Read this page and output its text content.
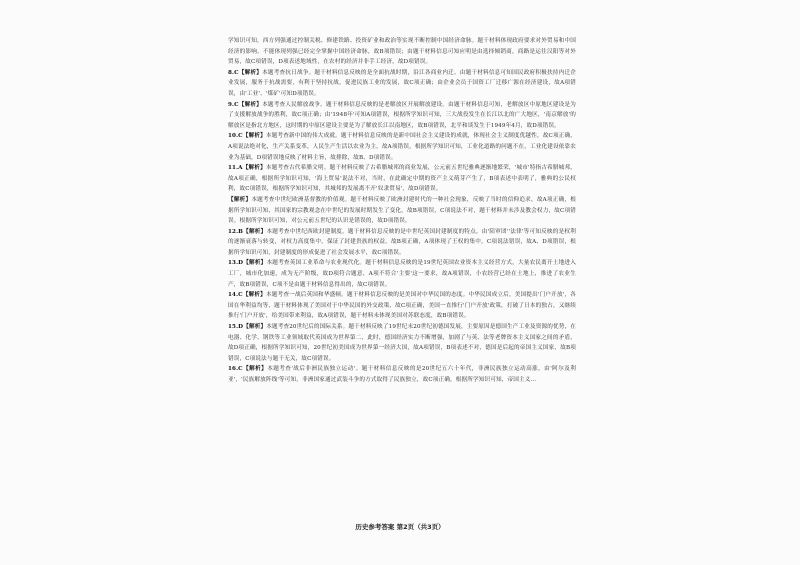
学知识可知，西方列强通过控制关税、修建铁路、投资矿业和政治等实现不断控制中国经济命脉。题干材料体现政府要求对外贸易和中国经济的影响，不能体现列强已经完全掌握中国经济命脉，故B项错误；由题干材料信息可知应明是由选择倾销商，商路是运往汉阳等对外贸易，故C项错误，D项表述地域性，在农村的经济并非手工经济，故D项错误。

8.C【解析】本题考查抗日战争。题干材料信息反映的是全面抗战时期，沿江各商业内迁。由题干材料信息可知国民政府积极扶持内迁企业发展，服务于抗战需要，有利于坚持抗战，促进民族工业的发展，故C项正确；由企业会员于国资工厂迁移广源在经济建设，故A项错误，由'工业'、'煤矿'可知D项错误。

9.C【解析】本题考查人民解放战争。题干材料信息反映的是老解放区开展解放建设。由题干材料信息可知，老解放区中原地区建设是为了支援解放战争的胜利，故C项正确；由'1948年'可知A项错误，根据所学知识可知，三大战役发生在长江以北的广大地区，'南京解放'的解放区是指北方地区，这时期的中原区建设主要是为了解放长江以南地区，故B项错误，北平和谈发生于1949年4月，故D项错误。

10.C【解析】本题考查新中国的伟大成就。题干材料信息反映的是新中国社会主义建设的成就，体现社会主义制度优越性，故C项正确，A项说法绝对化，生产关系变革，人民生产生活以农业为主，故A项错误，根据所学知识可知，工业化道路的问题不在，工业化建设依靠农业为基础，D项错误地反映了材料主旨，故排除，故B、D项错误。

11.A【解析】本题考查古代希腊文明。题干材料反映了古希腊城邦的商业发展，公元前五世纪雅典逐渐地繁荣，'城市'特指古希腊城邦，故A项正确，根据所学知识可知，'海上贸易'说法不对，当时，在此确定中期的资产主义萌芽产生了，B项表述中表明了，雅典的公民权利，故C项错误，根据所学知识可知，其城邦的发展离不开'奴隶贸易'，故D项错误。

【解析】本题考查中世纪欧洲基督教的价值观。题干材料反映了欧洲封建时代的一种社会现象，反映了当时的信仰追求，故A项正确，根据所学知识可知，其国家的宗教观念在中世纪的发展时期发生了变化，故B项错误，C项说法不对，题干材料并未涉及教会权力，故C项错误。根据所学知识可知，对公元前五世纪的认识是错误的，故D项错误。

12.B【解析】本题考查中世纪西欧封建制度。题干材料信息反映的是中世纪英国封建制度的特点，由'陪审团''法律'等可知反映的是权利的逐渐衰落与转变，对权力高度集中，保证了封建贵族的权益，故B项正确，A项体现了王权的集中，C项说法错误，故A、D项错误，根据所学知识可知，封建制度的形成促进了社会发展水平，故C项错误。

13.D【解析】本题考查英国工业革命与农业现代化。题干材料信息反映的是19世纪英国农业资本主义经营方式，大量农民离开土地进入工厂，城市化加速，成为无产阶级，故D项符合题意，A项不符合'主要'这一要求，故A项错误，小农经营已经在土地上，推进了农业生产，故B项错误，C项不是由题干材料信息得出的，故C项错误。

14.C【解析】本题考查一战后英国和华盛顿。题干材料信息反映的是美国对中华民国的态度。中华民国成立后，美国提出'门户开放'，各国在华利益均等，题干材料体现了美国对于中华民国的外交政策，故C项正确，美国一直推行'门户开放'政策，打破了日本的独占，又继续推行'门户开放'，给美国带来利益，故A项错误，题干材料未体现美国对苏联态度，故B项错误。

15.D【解析】本题考查20世纪后的国际关系。题干材料反映了19世纪末20世纪初德国发展，主要原因是德国生产工业及资源的优势，在电器、化学、钢铁等工业领域取代英国成为世界第二，此时，德国经济实力不断增强，加剧了与英、法等老牌资本主义国家之间的矛盾，故D项正确，根据所学知识可知，20世纪初美国成为世界第一经济大国，故A项错误，B项表述不对，德国是后起的帝国主义国家，故B项错误，C项说法与题干无关，故C项错误。

16.C【解析】本题考查'战后非洲民族独立运动'。题干材料信息反映的是20世纪五六十年代，非洲民族独立运动高涨，由'阿尔及利亚'，'民族解放阵线'等可知，非洲国家通过武装斗争的方式取得了民族独立，故C项正确，根据所学知识可知，帝国主义...

历史参考答案 第2页（共3页）
